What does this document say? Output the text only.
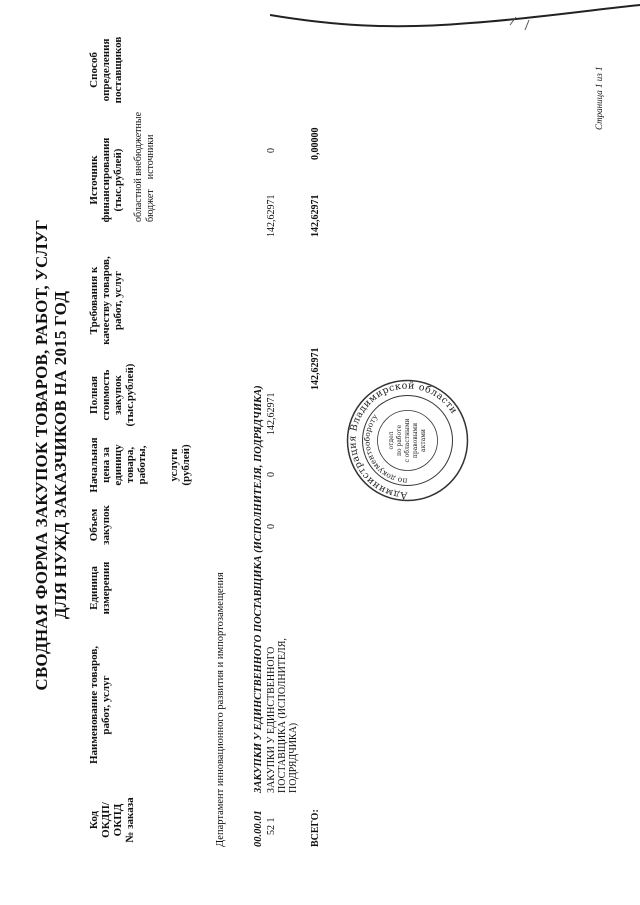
СВОДНАЯ ФОРМА ЗАКУПОК ТОВАРОВ, РАБОТ, УСЛУГ ДЛЯ НУЖД ЗАКАЗЧИКОВ НА 2015 ГОД
Код ОКДП/ ОКПД № заказа
Наименование товаров, работ, услуг
Единица измерения
Объем закупок
Начальная цена за единицу товара, работы, услуги (рублей)
Полная стоимость закупок (тыс.рублей)
Требования к качеству товаров, работ, услуг
Источник финансирования (тыс.рублей) областной внебюджетные бюджет    источники
Способ определения поставщиков
Департамент инновационного развития и импортозамещения	00.00.01
ЗАКУПКИ У ЕДИНСТВЕННОГО ПОСТАВЩИКА (ИСПОЛНИТЕЛЯ, ПОДРЯДЧИКА)
52 1
ЗАКУПКИ У ЕДИНСТВЕННОГО ПОСТАВЩИКА (ИСПОЛНИТЕЛЯ, ПОДРЯДЧИКА)
0
0
142,62971
142,62971
0
ВСЕГО:
142,62971
142,62971
0,00000
Страница 1 из 1
Администрация Владимирской области
по документообороту
отдел по работе с областными правовыми актами
